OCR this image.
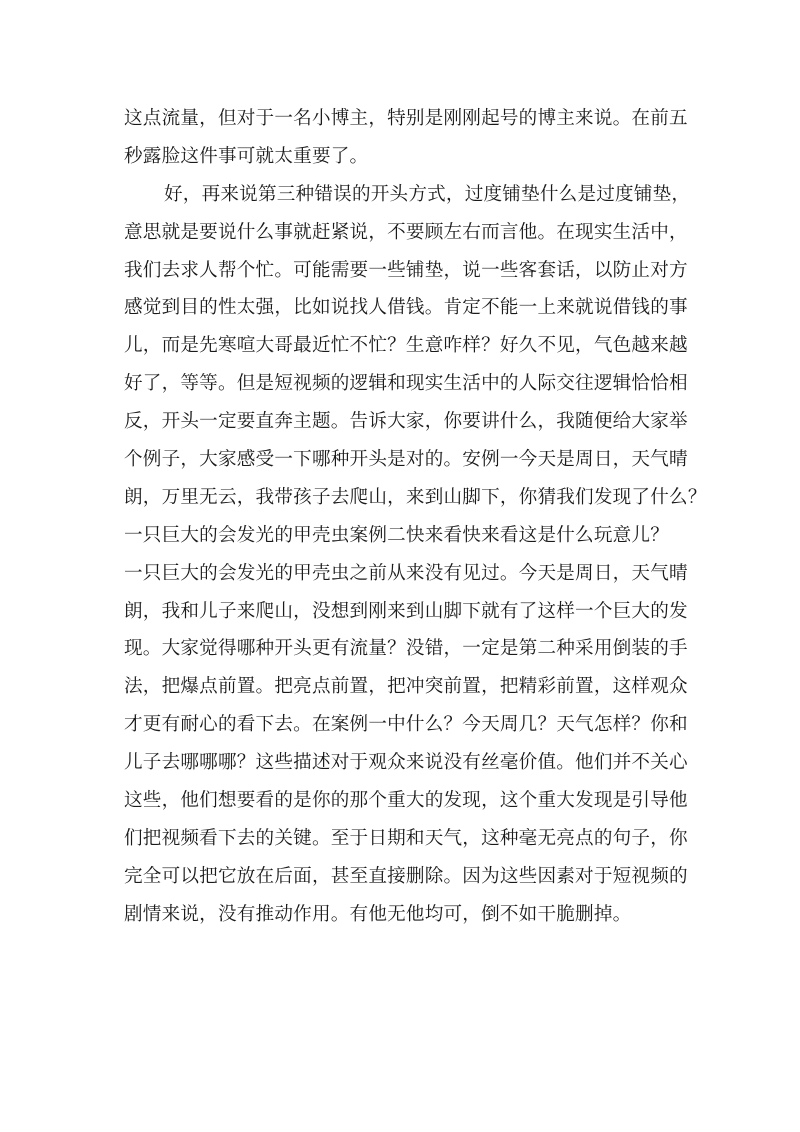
这点流量，但对于一名小博主，特别是刚刚起号的博主来说。在前五
秒露脸这件事可就太重要了。
好，再来说第三种错误的开头方式，过度铺垫什么是过度铺垫，
意思就是要说什么事就赶紧说，不要顾左右而言他。在现实生活中，
我们去求人帮个忙。可能需要一些铺垫，说一些客套话，以防止对方
感觉到目的性太强，比如说找人借钱。肯定不能一上来就说借钱的事
儿，而是先寒喧大哥最近忙不忙？生意咋样？好久不见，气色越来越
好了，等等。但是短视频的逻辑和现实生活中的人际交往逻辑恰恰相
反，开头一定要直奔主题。告诉大家，你要讲什么，我随便给大家举
个例子，大家感受一下哪种开头是对的。安例一今天是周日，天气晴
朗，万里无云，我带孩子去爬山，来到山脚下，你猜我们发现了什么？
一只巨大的会发光的甲壳虫案例二快来看快来看这是什么玩意儿？
一只巨大的会发光的甲壳虫之前从来没有见过。今天是周日，天气晴
朗，我和儿子来爬山，没想到刚来到山脚下就有了这样一个巨大的发
现。大家觉得哪种开头更有流量？没错，一定是第二种采用倒装的手
法，把爆点前置。把亮点前置，把冲突前置，把精彩前置，这样观众
才更有耐心的看下去。在案例一中什么？今天周几？天气怎样？你和
儿子去哪哪哪？这些描述对于观众来说没有丝毫价值。他们并不关心
这些，他们想要看的是你的那个重大的发现，这个重大发现是引导他
们把视频看下去的关键。至于日期和天气，这种毫无亮点的句子，你
完全可以把它放在后面，甚至直接删除。因为这些因素对于短视频的
剧情来说，没有推动作用。有他无他均可，倒不如干脆删掉。
